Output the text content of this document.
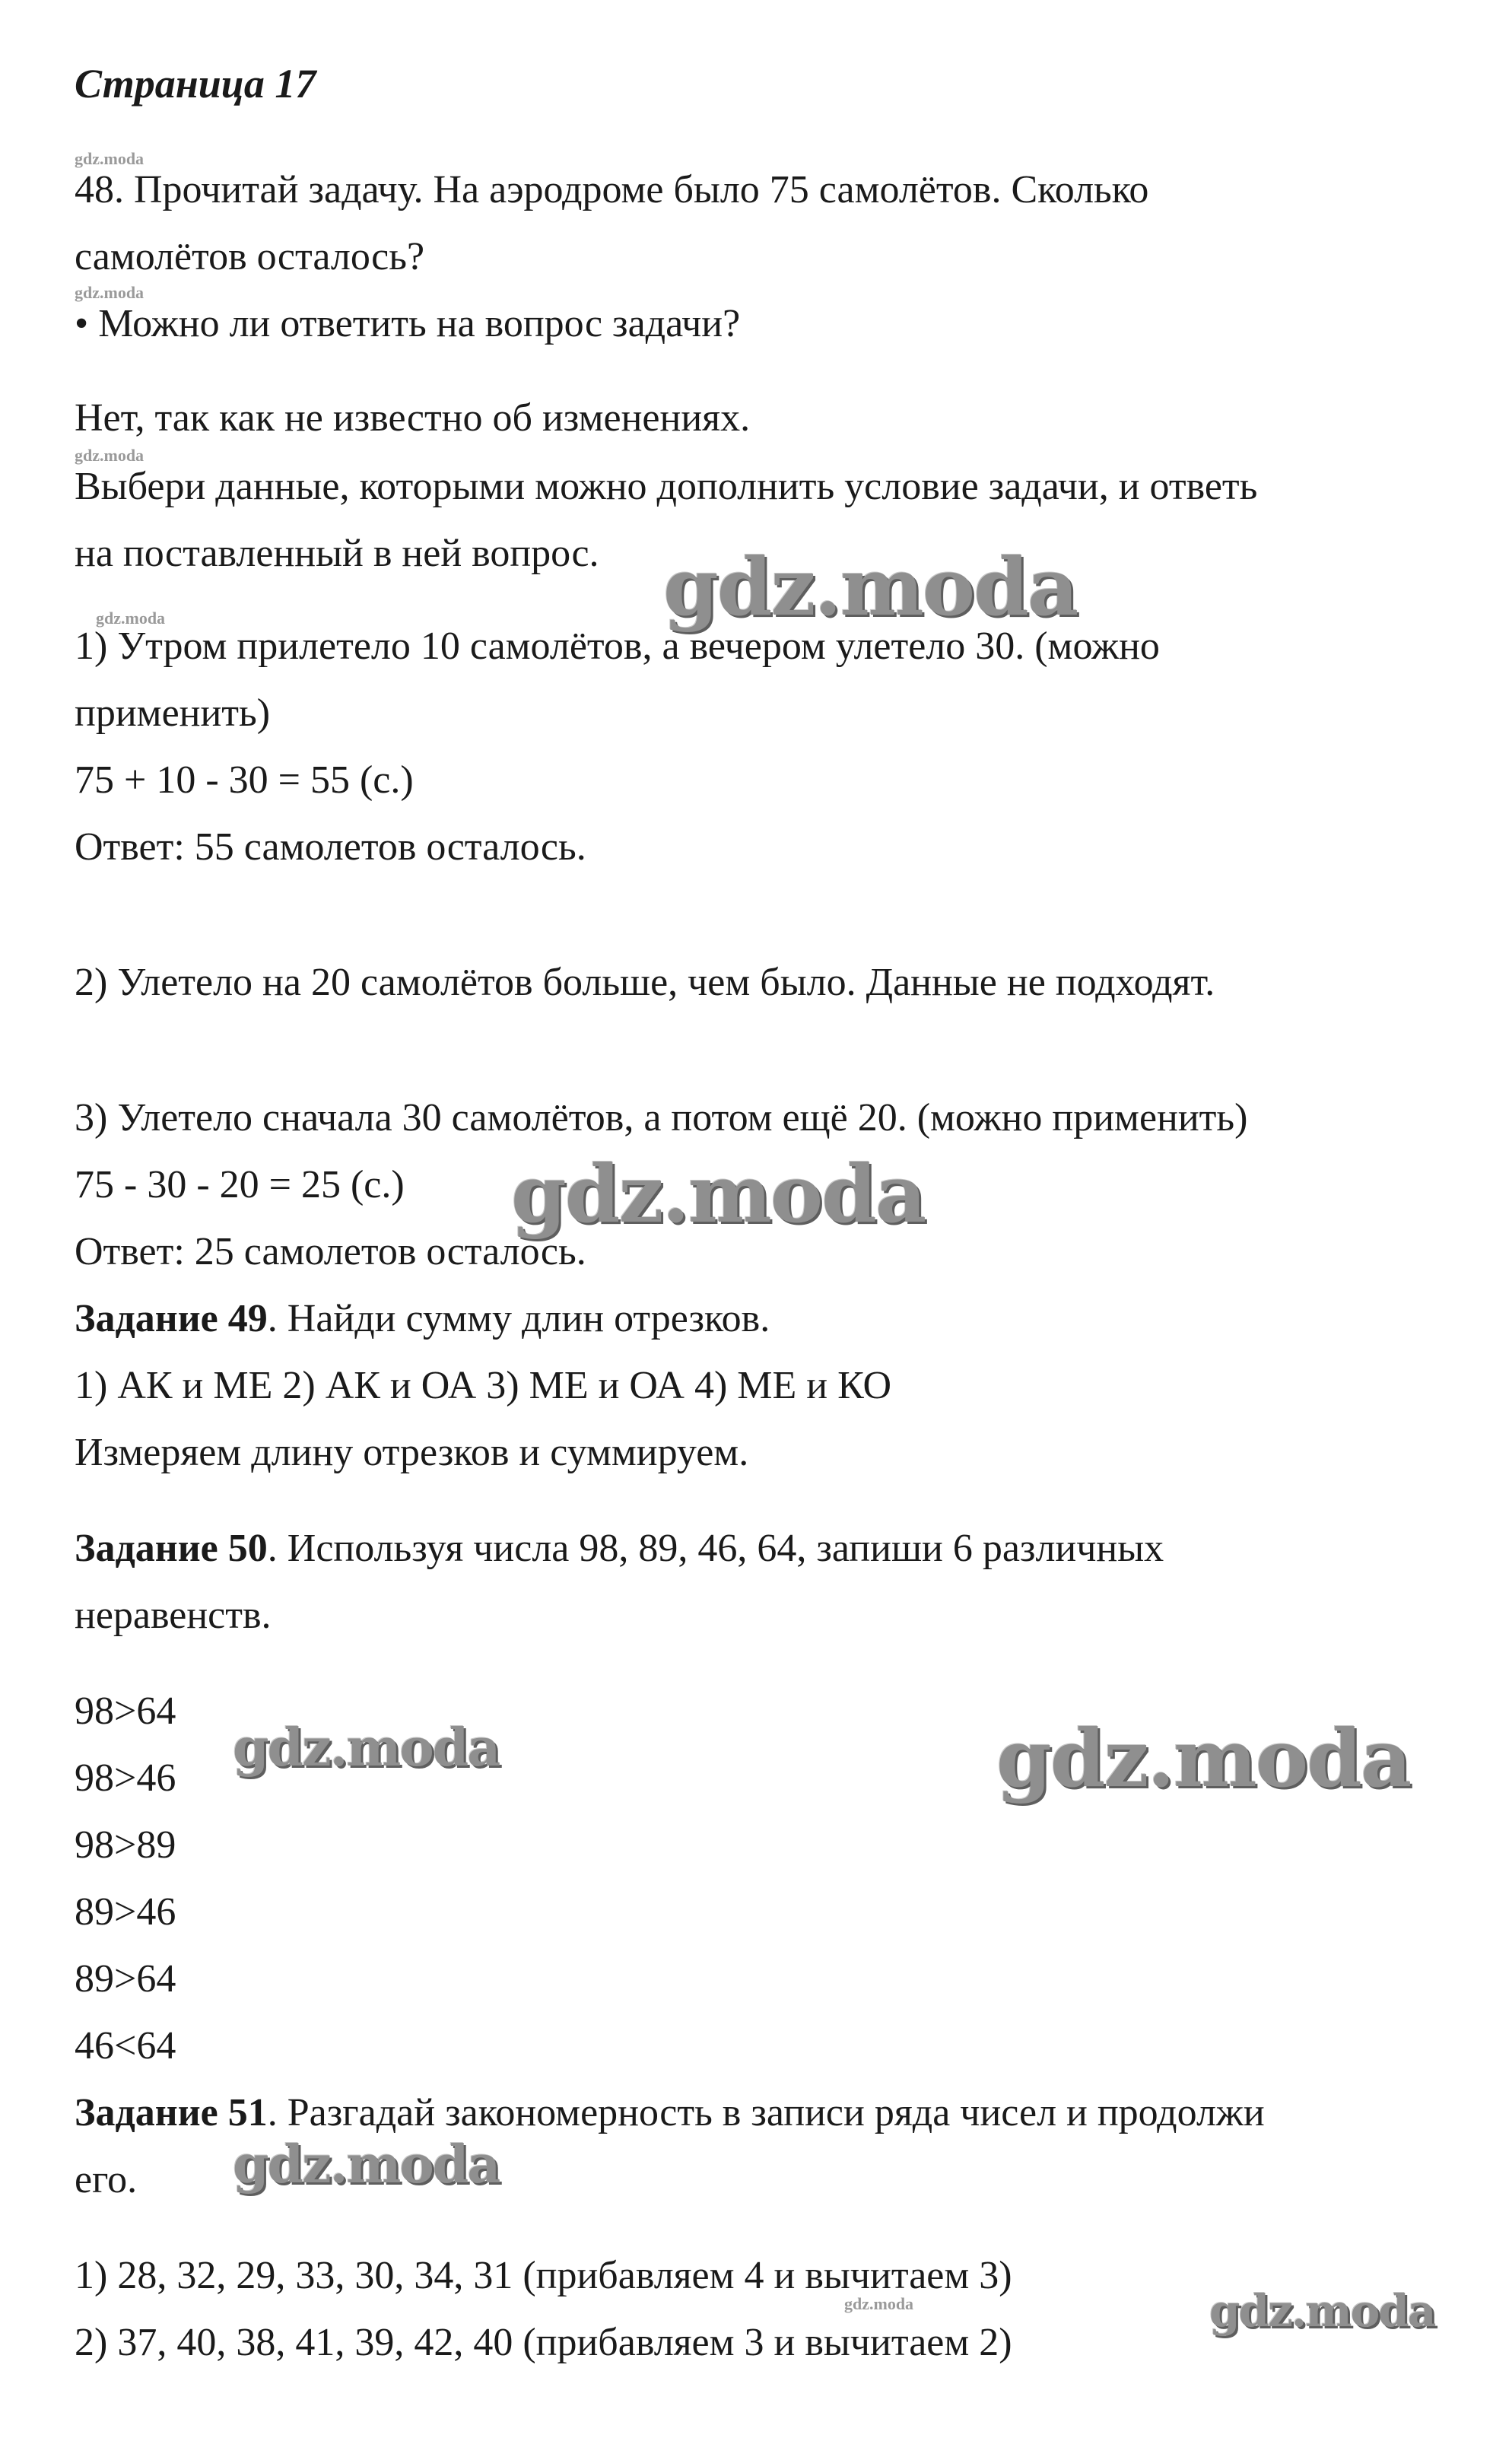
Страница 17
gdz.moda
gdz.moda
gdz.moda
gdz.moda
gdz.moda
48. Прочитай задачу. На аэродроме было 75 самолётов. Сколько
самолётов осталось?
• Можно ли ответить на вопрос задачи?
Нет, так как не известно об изменениях.
Выбери данные, которыми можно дополнить условие задачи, и ответь
на поставленный в ней вопрос. gdz.moda
1) Утром прилетело 10 самолётов, а вечером улетело 30. (можно
применить)
75 + 10 - 30 = 55 (с.)
Ответ: 55 самолетов осталось.
2) Улетело на 20 самолётов больше, чем было. Данные не подходят.
3) Улетело сначала 30 самолётов, а потом ещё 20. (можно применить)
75 - 30 - 20 = 25 (с.) gdz.moda
Ответ: 25 самолетов осталось.
Задание 49. Найди сумму длин отрезков.
1) АК и МЕ 2) АК и ОА 3) МЕ и ОА 4) МЕ и КО
Измеряем длину отрезков и суммируем.
Задание 50. Используя числа 98, 89, 46, 64, запиши 6 различных
неравенств.
98>64
98>46
98>89
89>46
89>64
46<64
gdz.moda	gdz.moda
Задание 51. Разгадай закономерность в записи ряда чисел и продолжи
его. gdz.moda
1) 28, 32, 29, 33, 30, 34, 31 (прибавляем 4 и вычитаем 3)
2) 37, 40, 38, 41, 39, 42, 40 (прибавляем 3 и вычитаем 2)
gdz.moda
